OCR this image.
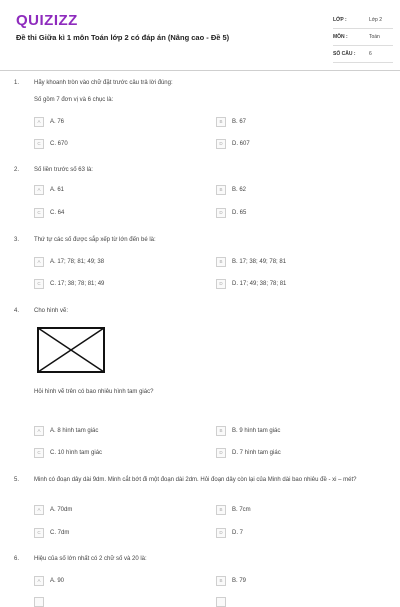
QUIZIZZ
Đề thi Giữa kì 1 môn Toán lớp 2 có đáp án (Nâng cao - Đề 5)
LỚP :	Lớp 2
MÔN :	Toán
SỐ CÂU :	6
1. Hãy khoanh tròn vào chữ đặt trước câu trả lời đúng:
Số gồm 7 đơn vị và 6 chục là:
A	A. 76	B	B. 67
C	C. 670	D	D. 607
2. Số liền trước số 63 là:
A	A. 61	B	B. 62
C	C. 64	D	D. 65
3. Thứ tự các số được sắp xếp từ lớn đến bé là:
A	A. 17; 78; 81; 49; 38	B	B. 17; 38; 49; 78; 81
C	C. 17; 38; 78; 81; 49	D	D. 17; 49; 38; 78; 81
4. Cho hình vẽ:
Hỏi hình vẽ trên có bao nhiêu hình tam giác?
A	A. 8 hình tam giác	B	B. 9 hình tam giác
C	C. 10 hình tam giác	D	D. 7 hình tam giác
5. Minh có đoạn dây dài 9dm. Minh cắt bớt đi một đoạn dài 2dm. Hỏi đoạn dây còn lại của Minh dài bao nhiêu đề - xi – mét?
A	A. 70dm	B	B. 7cm
C	C. 7dm	D	D. 7
6. Hiệu của số lớn nhất có 2 chữ số và 20 là:
A	A. 90	B	B. 79
